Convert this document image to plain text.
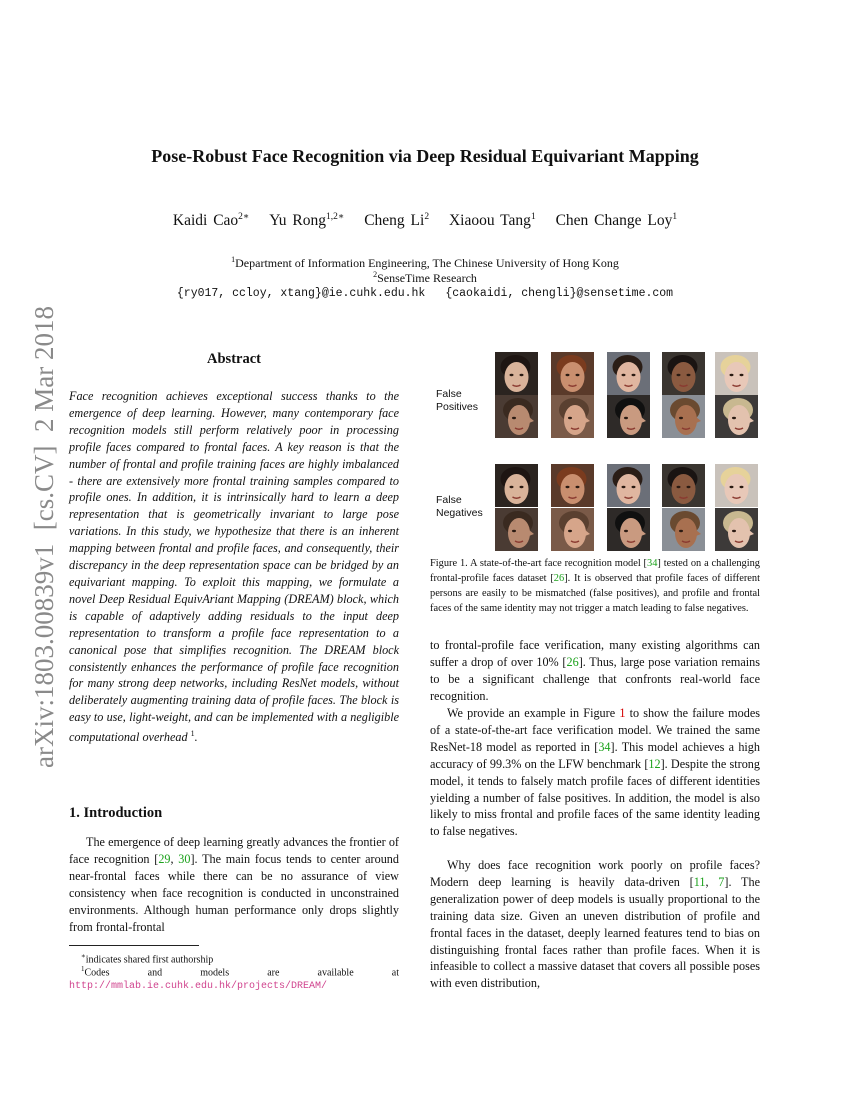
arXiv:1803.00839v1  [cs.CV]  2 Mar 2018
Pose-Robust Face Recognition via Deep Residual Equivariant Mapping
Kaidi Cao$^{2∗}$ Yu Rong$^{1,2∗}$ Cheng Li$^2$ Xiaoou Tang$^1$ Chen Change Loy$^1$
$^1$Department of Information Engineering, The Chinese University of Hong Kong
$^2$SenseTime Research
{ry017, ccloy, xtang}@ie.cuhk.edu.hk {caokaidi, chengli}@sensetime.com
Abstract
Face recognition achieves exceptional success thanks to the emergence of deep learning. However, many contemporary face recognition models still perform relatively poor in processing profile faces compared to frontal faces. A key reason is that the number of frontal and profile training faces are highly imbalanced - there are extensively more frontal training samples compared to profile ones. In addition, it is intrinsically hard to learn a deep representation that is geometrically invariant to large pose variations. In this study, we hypothesize that there is an inherent mapping between frontal and profile faces, and consequently, their discrepancy in the deep representation space can be bridged by an equivariant mapping. To exploit this mapping, we formulate a novel Deep Residual EquivAriant Mapping (DREAM) block, which is capable of adaptively adding residuals to the input deep representation to transform a profile face representation to a canonical pose that simplifies recognition. The DREAM block consistently enhances the performance of profile face recognition for many strong deep networks, including ResNet models, without deliberately augmenting training data of profile faces. The block is easy to use, light-weight, and can be implemented with a negligible computational overhead $^1$.
1. Introduction
The emergence of deep learning greatly advances the frontier of face recognition [29, 30]. The main focus tends to center around near-frontal faces while there can be no assurance of view consistency when face recognition is conducted in unconstrained environments. Although human performance only drops slightly from frontal-frontal
∗indicates shared first authorship
$^1$Codes and models are available at http://mmlab.ie.cuhk.edu.hk/projects/DREAM/
False
Positives
False
Negatives
Figure 1. A state-of-the-art face recognition model [34] tested on a challenging frontal-profile faces dataset [26]. It is observed that profile faces of different persons are easily to be mismatched (false positives), and profile and frontal faces of the same identity may not trigger a match leading to false negatives.
to frontal-profile face verification, many existing algorithms can suffer a drop of over 10% [26]. Thus, large pose variation remains to be a significant challenge that confronts real-world face recognition.
We provide an example in Figure 1 to show the failure modes of a state-of-the-art face verification model. We trained the same ResNet-18 model as reported in [34]. This model achieves a high accuracy of 99.3% on the LFW benchmark [12]. Despite the strong model, it tends to falsely match profile faces of different identities yielding a number of false positives. In addition, the model is also likely to miss frontal and profile faces of the same identity leading to false negatives.
Why does face recognition work poorly on profile faces? Modern deep learning is heavily data-driven [11, 7]. The generalization power of deep models is usually proportional to the training data size. Given an uneven distribution of profile and frontal faces in the dataset, deeply learned features tend to bias on distinguishing frontal faces rather than profile faces. When it is infeasible to collect a massive dataset that covers all possible poses with even distribution,
